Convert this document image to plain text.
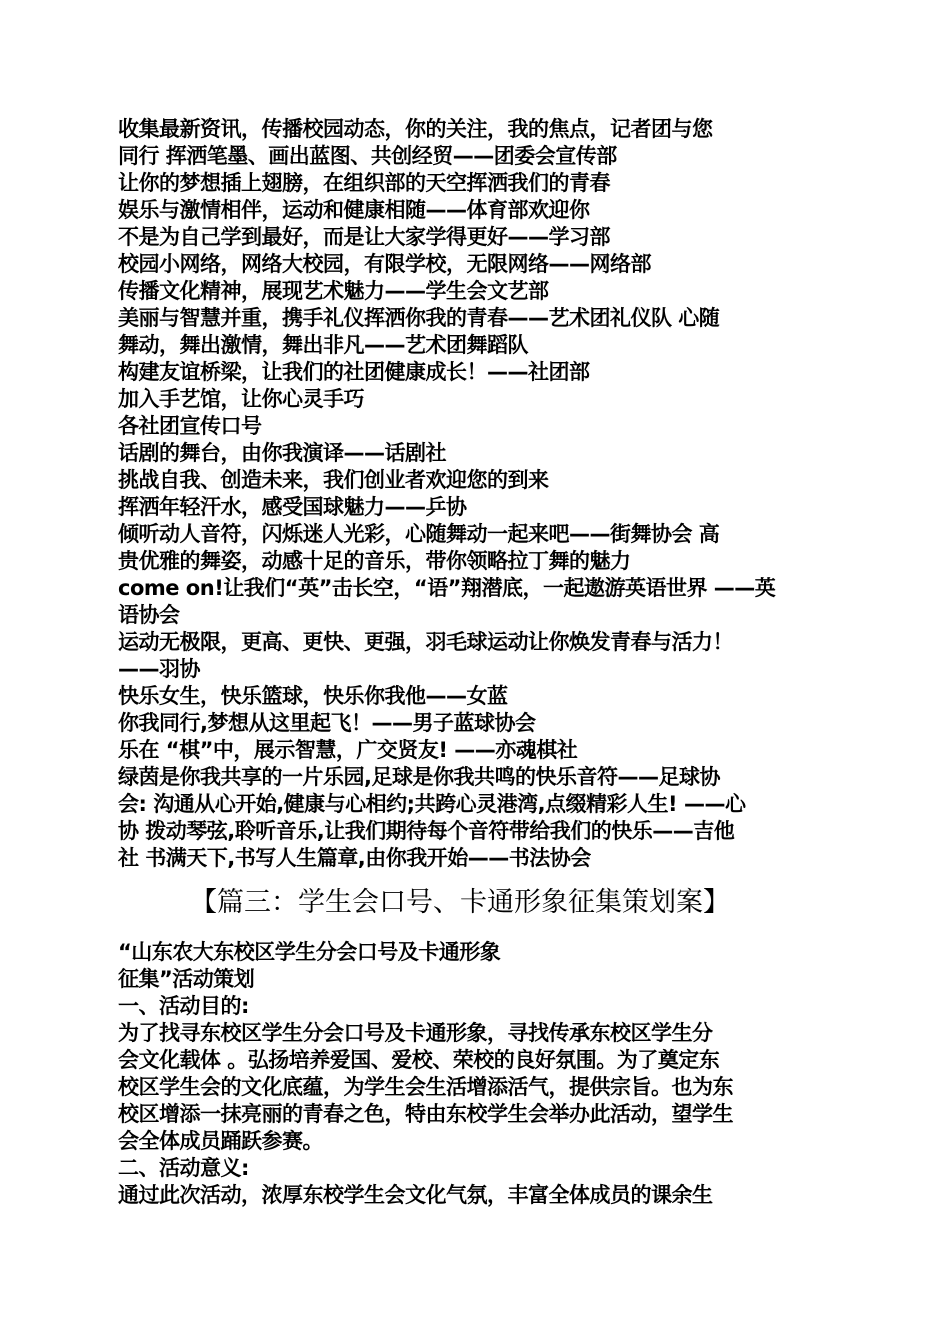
收集最新资讯，传播校园动态，你的关注，我的焦点，记者团与您
同行 挥洒笔墨、画出蓝图、共创经贸——团委会宣传部
让你的梦想插上翅膀，在组织部的天空挥洒我们的青春
娱乐与激情相伴，运动和健康相随——体育部欢迎你
不是为自己学到最好，而是让大家学得更好——学习部
校园小网络，网络大校园，有限学校，无限网络——网络部
传播文化精神，展现艺术魅力——学生会文艺部
美丽与智慧并重，携手礼仪挥洒你我的青春——艺术团礼仪队 心随
舞动，舞出激情，舞出非凡——艺术团舞蹈队
构建友谊桥梁，让我们的社团健康成长！——社团部
加入手艺馆，让你心灵手巧
各社团宣传口号
话剧的舞台，由你我演译——话剧社
挑战自我、创造未来，我们创业者欢迎您的到来
挥洒年轻汗水，感受国球魅力——乒协
倾听动人音符，闪烁迷人光彩，心随舞动一起来吧——街舞协会 高
贵优雅的舞姿，动感十足的音乐，带你领略拉丁舞的魅力
come on!让我们“英”击长空，“语”翔潜底，一起遨游英语世界 ——英
语协会
运动无极限，更高、更快、更强，羽毛球运动让你焕发青春与活力！
——羽协
快乐女生，快乐篮球，快乐你我他——女蓝
你我同行,梦想从这里起飞！——男子蓝球协会
乐在 “棋”中，展示智慧，广交贤友! ——亦魂棋社
绿茵是你我共享的一片乐园,足球是你我共鸣的快乐音符——足球协
会: 沟通从心开始,健康与心相约;共跨心灵港湾,点缀精彩人生! ——心
协 拨动琴弦,聆听音乐,让我们期待每个音符带给我们的快乐——吉他
社 书满天下,书写人生篇章,由你我开始——书法协会
【篇三：学生会口号、卡通形象征集策划案】
“山东农大东校区学生分会口号及卡通形象
征集”活动策划
一、活动目的:
为了找寻东校区学生分会口号及卡通形象，寻找传承东校区学生分
会文化载体 。弘扬培养爱国、爱校、荣校的良好氛围。为了奠定东
校区学生会的文化底蕴，为学生会生活增添活气，提供宗旨。也为东
校区增添一抹亮丽的青春之色，特由东校学生会举办此活动，望学生
会全体成员踊跃参赛。
二、活动意义:
通过此次活动，浓厚东校学生会文化气氛，丰富全体成员的课余生
